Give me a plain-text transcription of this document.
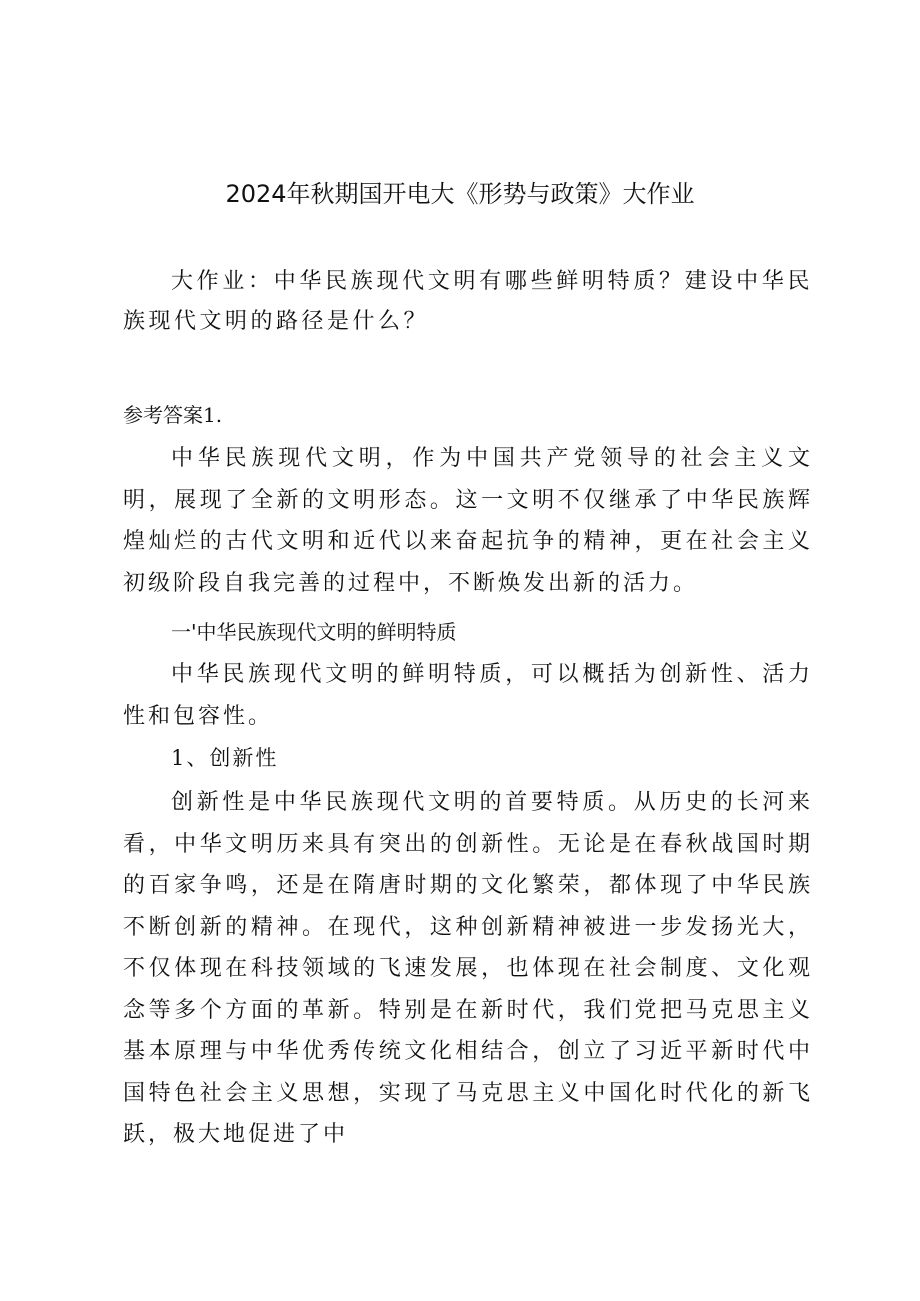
2024年秋期国开电大《形势与政策》大作业

大作业：中华民族现代文明有哪些鲜明特质？建设中华民族现代文明的路径是什么？

参考答案1.

中华民族现代文明，作为中国共产党领导的社会主义文明，展现了全新的文明形态。这一文明不仅继承了中华民族辉煌灿烂的古代文明和近代以来奋起抗争的精神，更在社会主义初级阶段自我完善的过程中，不断焕发出新的活力。

一'中华民族现代文明的鲜明特质

中华民族现代文明的鲜明特质，可以概括为创新性、活力性和包容性。

1、创新性

创新性是中华民族现代文明的首要特质。从历史的长河来看，中华文明历来具有突出的创新性。无论是在春秋战国时期的百家争鸣，还是在隋唐时期的文化繁荣，都体现了中华民族不断创新的精神。在现代，这种创新精神被进一步发扬光大，不仅体现在科技领域的飞速发展，也体现在社会制度、文化观念等多个方面的革新。特别是在新时代，我们党把马克思主义基本原理与中华优秀传统文化相结合，创立了习近平新时代中国特色社会主义思想，实现了马克思主义中国化时代化的新飞跃，极大地促进了中
